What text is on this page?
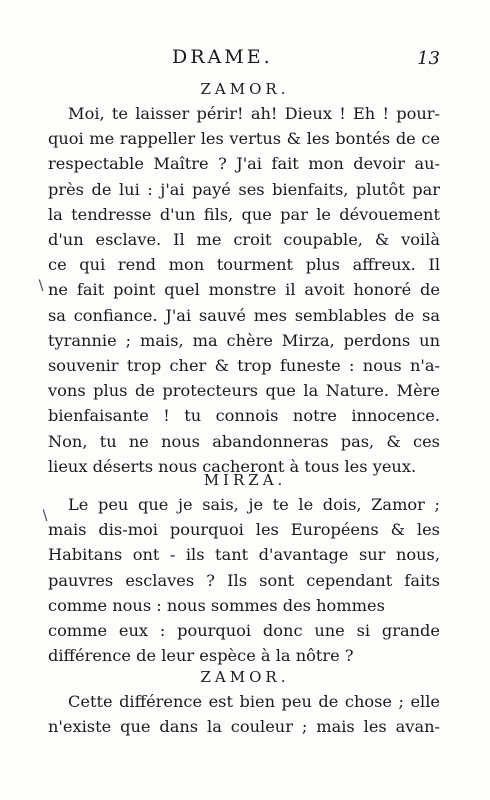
DRAME.	13
ZAMOR.
Moi, te laisser périr! ah! Dieux ! Eh ! pour-
quoi me rappeller les vertus & les bontés de ce
respectable Maître ? J'ai fait mon devoir au-
près de lui : j'ai payé ses bienfaits, plutôt par
la tendresse d'un fils, que par le dévouement
d'un esclave. Il me croit coupable, & voilà
ce qui rend mon tourment plus affreux. Il
ne fait point quel monstre il avoit honoré de
sa confiance. J'ai sauvé mes semblables de sa
tyrannie ; mais, ma chère Mirza, perdons un
souvenir trop cher & trop funeste : nous n'a-
vons plus de protecteurs que la Nature. Mère
bienfaisante ! tu connois notre innocence.
Non, tu ne nous abandonneras pas, & ces
lieux déserts nous cacheront à tous les yeux.
MIRZA.
Le peu que je sais, je te le dois, Zamor ;
mais dis-moi pourquoi les Européens & les
Habitans ont - ils tant d'avantage sur nous,
pauvres esclaves ? Ils sont cependant faits
comme nous : nous sommes des hommes
comme eux : pourquoi donc une si grande
différence de leur espèce à la nôtre ?
ZAMOR.
Cette différence est bien peu de chose ; elle
n'existe que dans la couleur ; mais les avan-
∖
∖
